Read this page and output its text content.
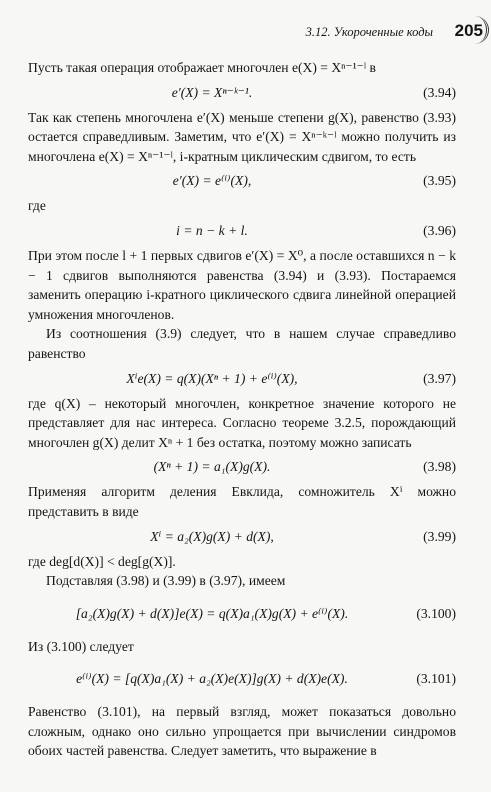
3.12. Укороченные коды 205

Пусть такая операция отображает многочлен e(X) = Xⁿ⁻¹⁻ˡ в

e′(X) = Xⁿ⁻ᵏ⁻¹.	(3.94)

Так как степень многочлена e′(X) меньше степени g(X), равенство (3.93) остается справедливым. Заметим, что e′(X) = Xⁿ⁻ᵏ⁻ˡ можно получить из многочлена e(X) = Xⁿ⁻¹⁻ˡ, i-кратным циклическим сдвигом, то есть

e′(X) = e⁽ⁱ⁾(X),	(3.95)

где

i = n − k + l.	(3.96)

При этом после l + 1 первых сдвигов e′(X) = X⁰, а после оставшихся n − k − 1 сдвигов выполняются равенства (3.94) и (3.93). Постараемся заменить операцию i-кратного циклического сдвига линейной операцией умножения многочленов.

Из соотношения (3.9) следует, что в нашем случае справедливо равенство

Xⁱe(X) = q(X)(Xⁿ + 1) + e⁽ⁱ⁾(X),	(3.97)

где q(X) – некоторый многочлен, конкретное значение которого не представляет для нас интереса. Согласно теореме 3.2.5, порождающий многочлен g(X) делит Xⁿ + 1 без остатка, поэтому можно записать

(Xⁿ + 1) = a₁(X)g(X).	(3.98)

Применяя алгоритм деления Евклида, сомножитель Xⁱ можно представить в виде

Xⁱ = a₂(X)g(X) + d(X),	(3.99)

где deg[d(X)] < deg[g(X)].

Подставляя (3.98) и (3.99) в (3.97), имеем

[a₂(X)g(X) + d(X)]e(X) = q(X)a₁(X)g(X) + e⁽ⁱ⁾(X).	(3.100)

Из (3.100) следует

e⁽ⁱ⁾(X) = [q(X)a₁(X) + a₂(X)e(X)]g(X) + d(X)e(X).	(3.101)

Равенство (3.101), на первый взгляд, может показаться довольно сложным, однако оно сильно упрощается при вычислении синдромов обоих частей равенства. Следует заметить, что выражение в
